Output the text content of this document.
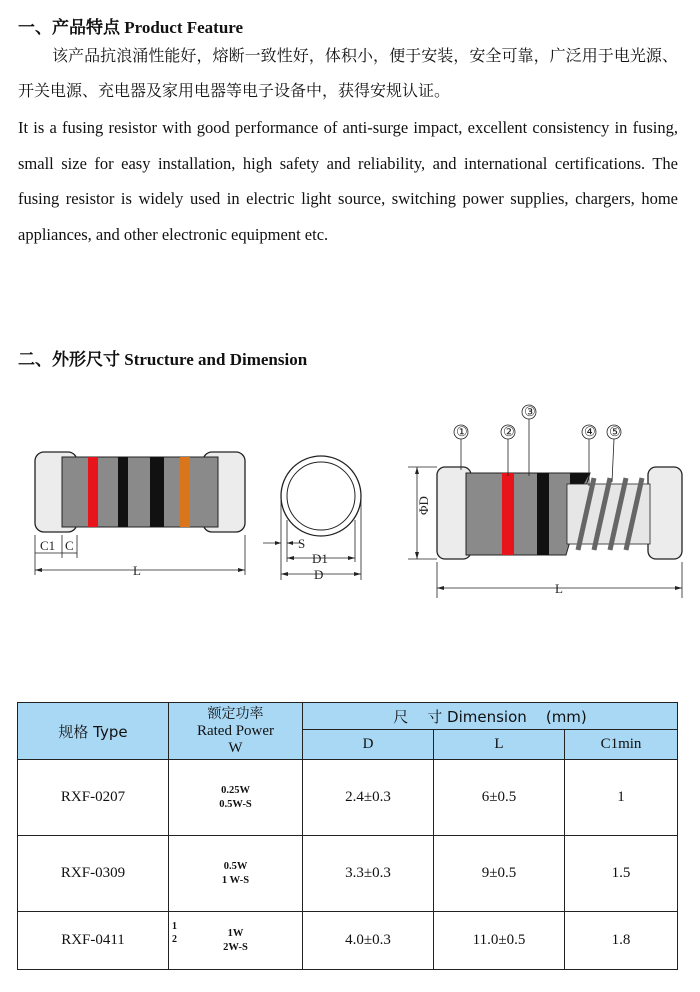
一、产品特点 Product Feature
该产品抗浪涌性能好，熔断一致性好，体积小，便于安装，安全可靠，广泛用于电光源、开关电源、充电器及家用电器等电子设备中，获得安规认证。
It is a fusing resistor with good performance of anti-surge impact, excellent consistency in fusing, small size for easy installation, high safety and reliability, and international certifications. The fusing resistor is widely used in electric light source, switching power supplies, chargers, home appliances, and other electronic equipment etc.
二、外形尺寸 Structure and Dimension
C1 C
L
S
D1
D
①	②
③
④ ⑤
ΦD
L
规格 Type	额定功率
Rated Power
W	尺    寸 Dimension    (mm)		
		D	L	C1min
RXF-0207	0.25W
0.5W-S	2.4±0.3	6±0.5	1
RXF-0309	0.5W
1 W-S	3.3±0.3	9±0.5	1.5
RXF-0411	1
2
1W
2W-S	4.0±0.3	11.0±0.5	1.8
